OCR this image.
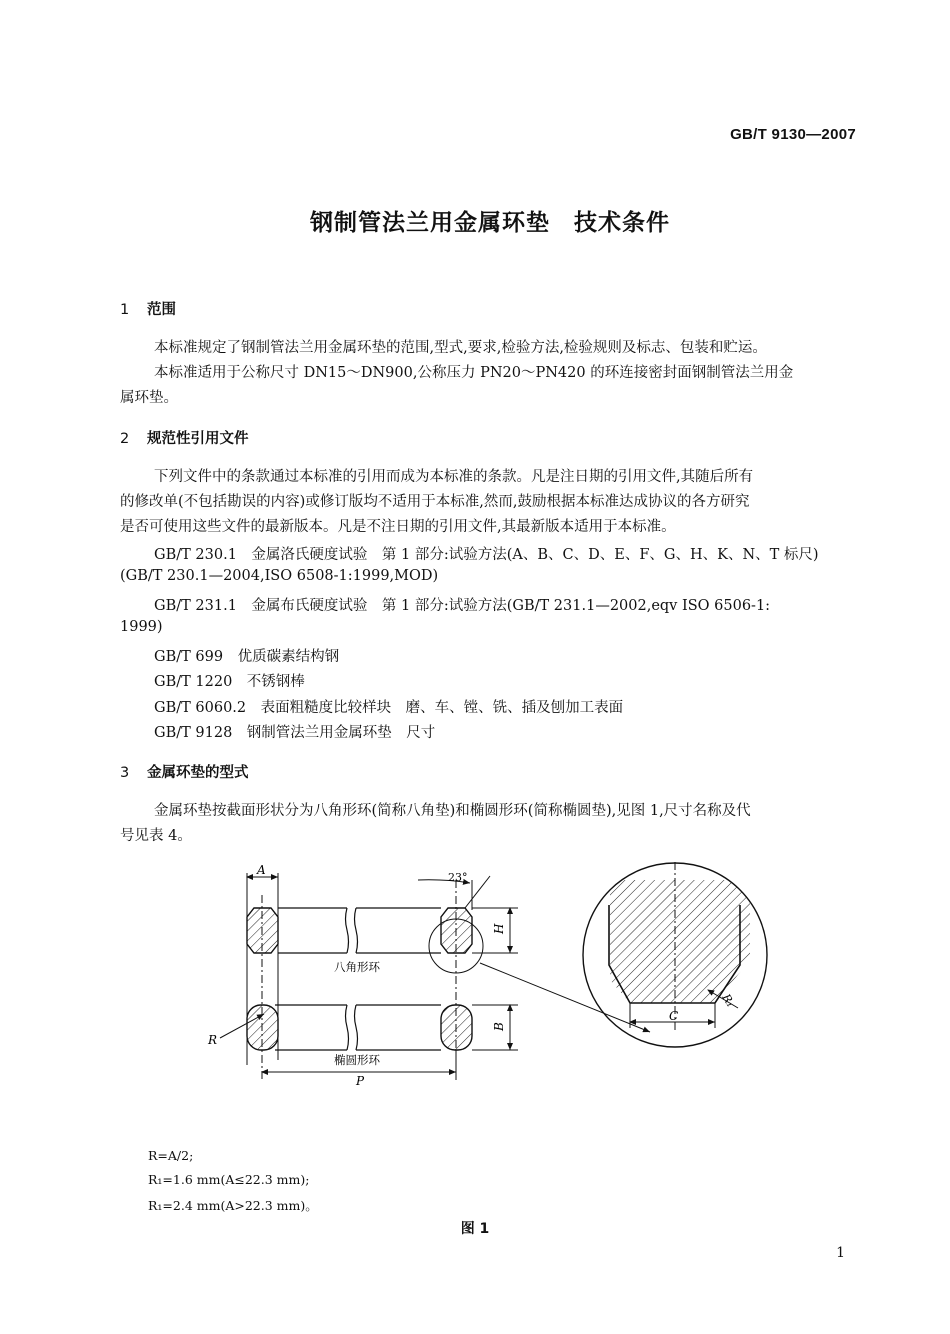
GB/T 9130—2007
钢制管法兰用金属环垫　技术条件
1 范围
本标准规定了钢制管法兰用金属环垫的范围,型式,要求,检验方法,检验规则及标志、包装和贮运。
本标准适用于公称尺寸 DN15～DN900,公称压力 PN20～PN420 的环连接密封面钢制管法兰用金
属环垫。
2 规范性引用文件
下列文件中的条款通过本标准的引用而成为本标准的条款。凡是注日期的引用文件,其随后所有
的修改单(不包括勘误的内容)或修订版均不适用于本标准,然而,鼓励根据本标准达成协议的各方研究
是否可使用这些文件的最新版本。凡是不注日期的引用文件,其最新版本适用于本标准。
GB/T 230.1　金属洛氏硬度试验　第 1 部分:试验方法(A、B、C、D、E、F、G、H、K、N、T 标尺)
(GB/T 230.1—2004,ISO 6508-1:1999,MOD)
GB/T 231.1　金属布氏硬度试验　第 1 部分:试验方法(GB/T 231.1—2002,eqv ISO 6506-1:
1999)
GB/T 699　优质碳素结构钢
GB/T 1220　不锈钢棒
GB/T 6060.2　表面粗糙度比较样块　磨、车、镗、铣、插及刨加工表面
GB/T 9128　钢制管法兰用金属环垫　尺寸
3 金属环垫的型式
金属环垫按截面形状分为八角形环(简称八角垫)和椭圆形环(简称椭圆垫),见图 1,尺寸名称及代
号见表 4。
A
23°
H
八角形环
R
B
椭圆形环
P
C
R₁
R=A/2;
R₁=1.6 mm(A≤22.3 mm);
R₁=2.4 mm(A>22.3 mm)。
图 1
1
